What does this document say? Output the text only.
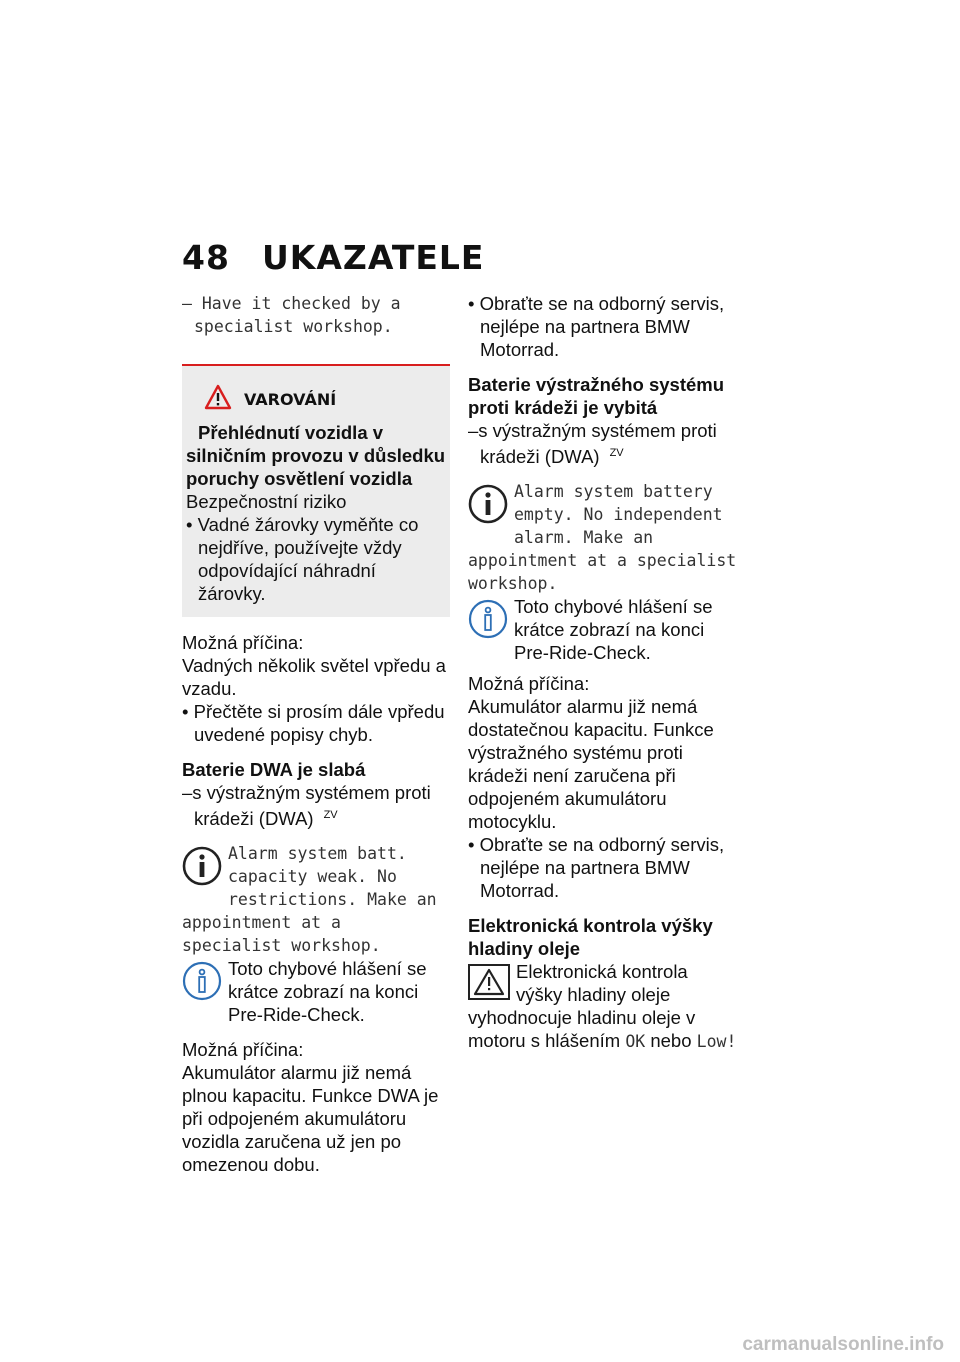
48 UKAZATELE

– Have it checked by a specialist workshop.

VAROVÁNÍ

Přehlédnutí vozidla v silničním provozu v důsledku poruchy osvětlení vozidla

Bezpečnostní riziko

• Vadné žárovky vyměňte co nejdříve, používejte vždy odpovídající náhradní žárovky.

Možná příčina:

Vadných několik světel vpředu a vzadu.

• Přečtěte si prosím dále vpředu uvedené popisy chyb.

Baterie DWA je slabá

–s výstražným systémem proti krádeži (DWA) $^{ZV}$

Alarm system batt. capacity weak. No restrictions. Make an appointment at a specialist workshop.

Toto chybové hlášení se krátce zobrazí na konci Pre-Ride-Check.

Možná příčina:

Akumulátor alarmu již nemá plnou kapacitu. Funkce DWA je při odpojeném akumulátoru vozidla zaručena už jen po omezenou dobu.

• Obraťte se na odborný servis, nejlépe na partnera BMW Motorrad.

Baterie výstražného systému proti krádeži je vybitá

–s výstražným systémem proti krádeži (DWA) $^{ZV}$

Alarm system battery empty. No independent alarm. Make an appointment at a specialist workshop.

Toto chybové hlášení se krátce zobrazí na konci Pre-Ride-Check.

Možná příčina:

Akumulátor alarmu již nemá dostatečnou kapacitu. Funkce výstražného systému proti krádeži není zaručena při odpojeném akumulátoru motocyklu.

• Obraťte se na odborný servis, nejlépe na partnera BMW Motorrad.

Elektronická kontrola výšky hladiny oleje

Elektronická kontrola výšky hladiny oleje vyhodnocuje hladinu oleje v motoru s hlášením OK nebo Low!

carmanualsonline.info
